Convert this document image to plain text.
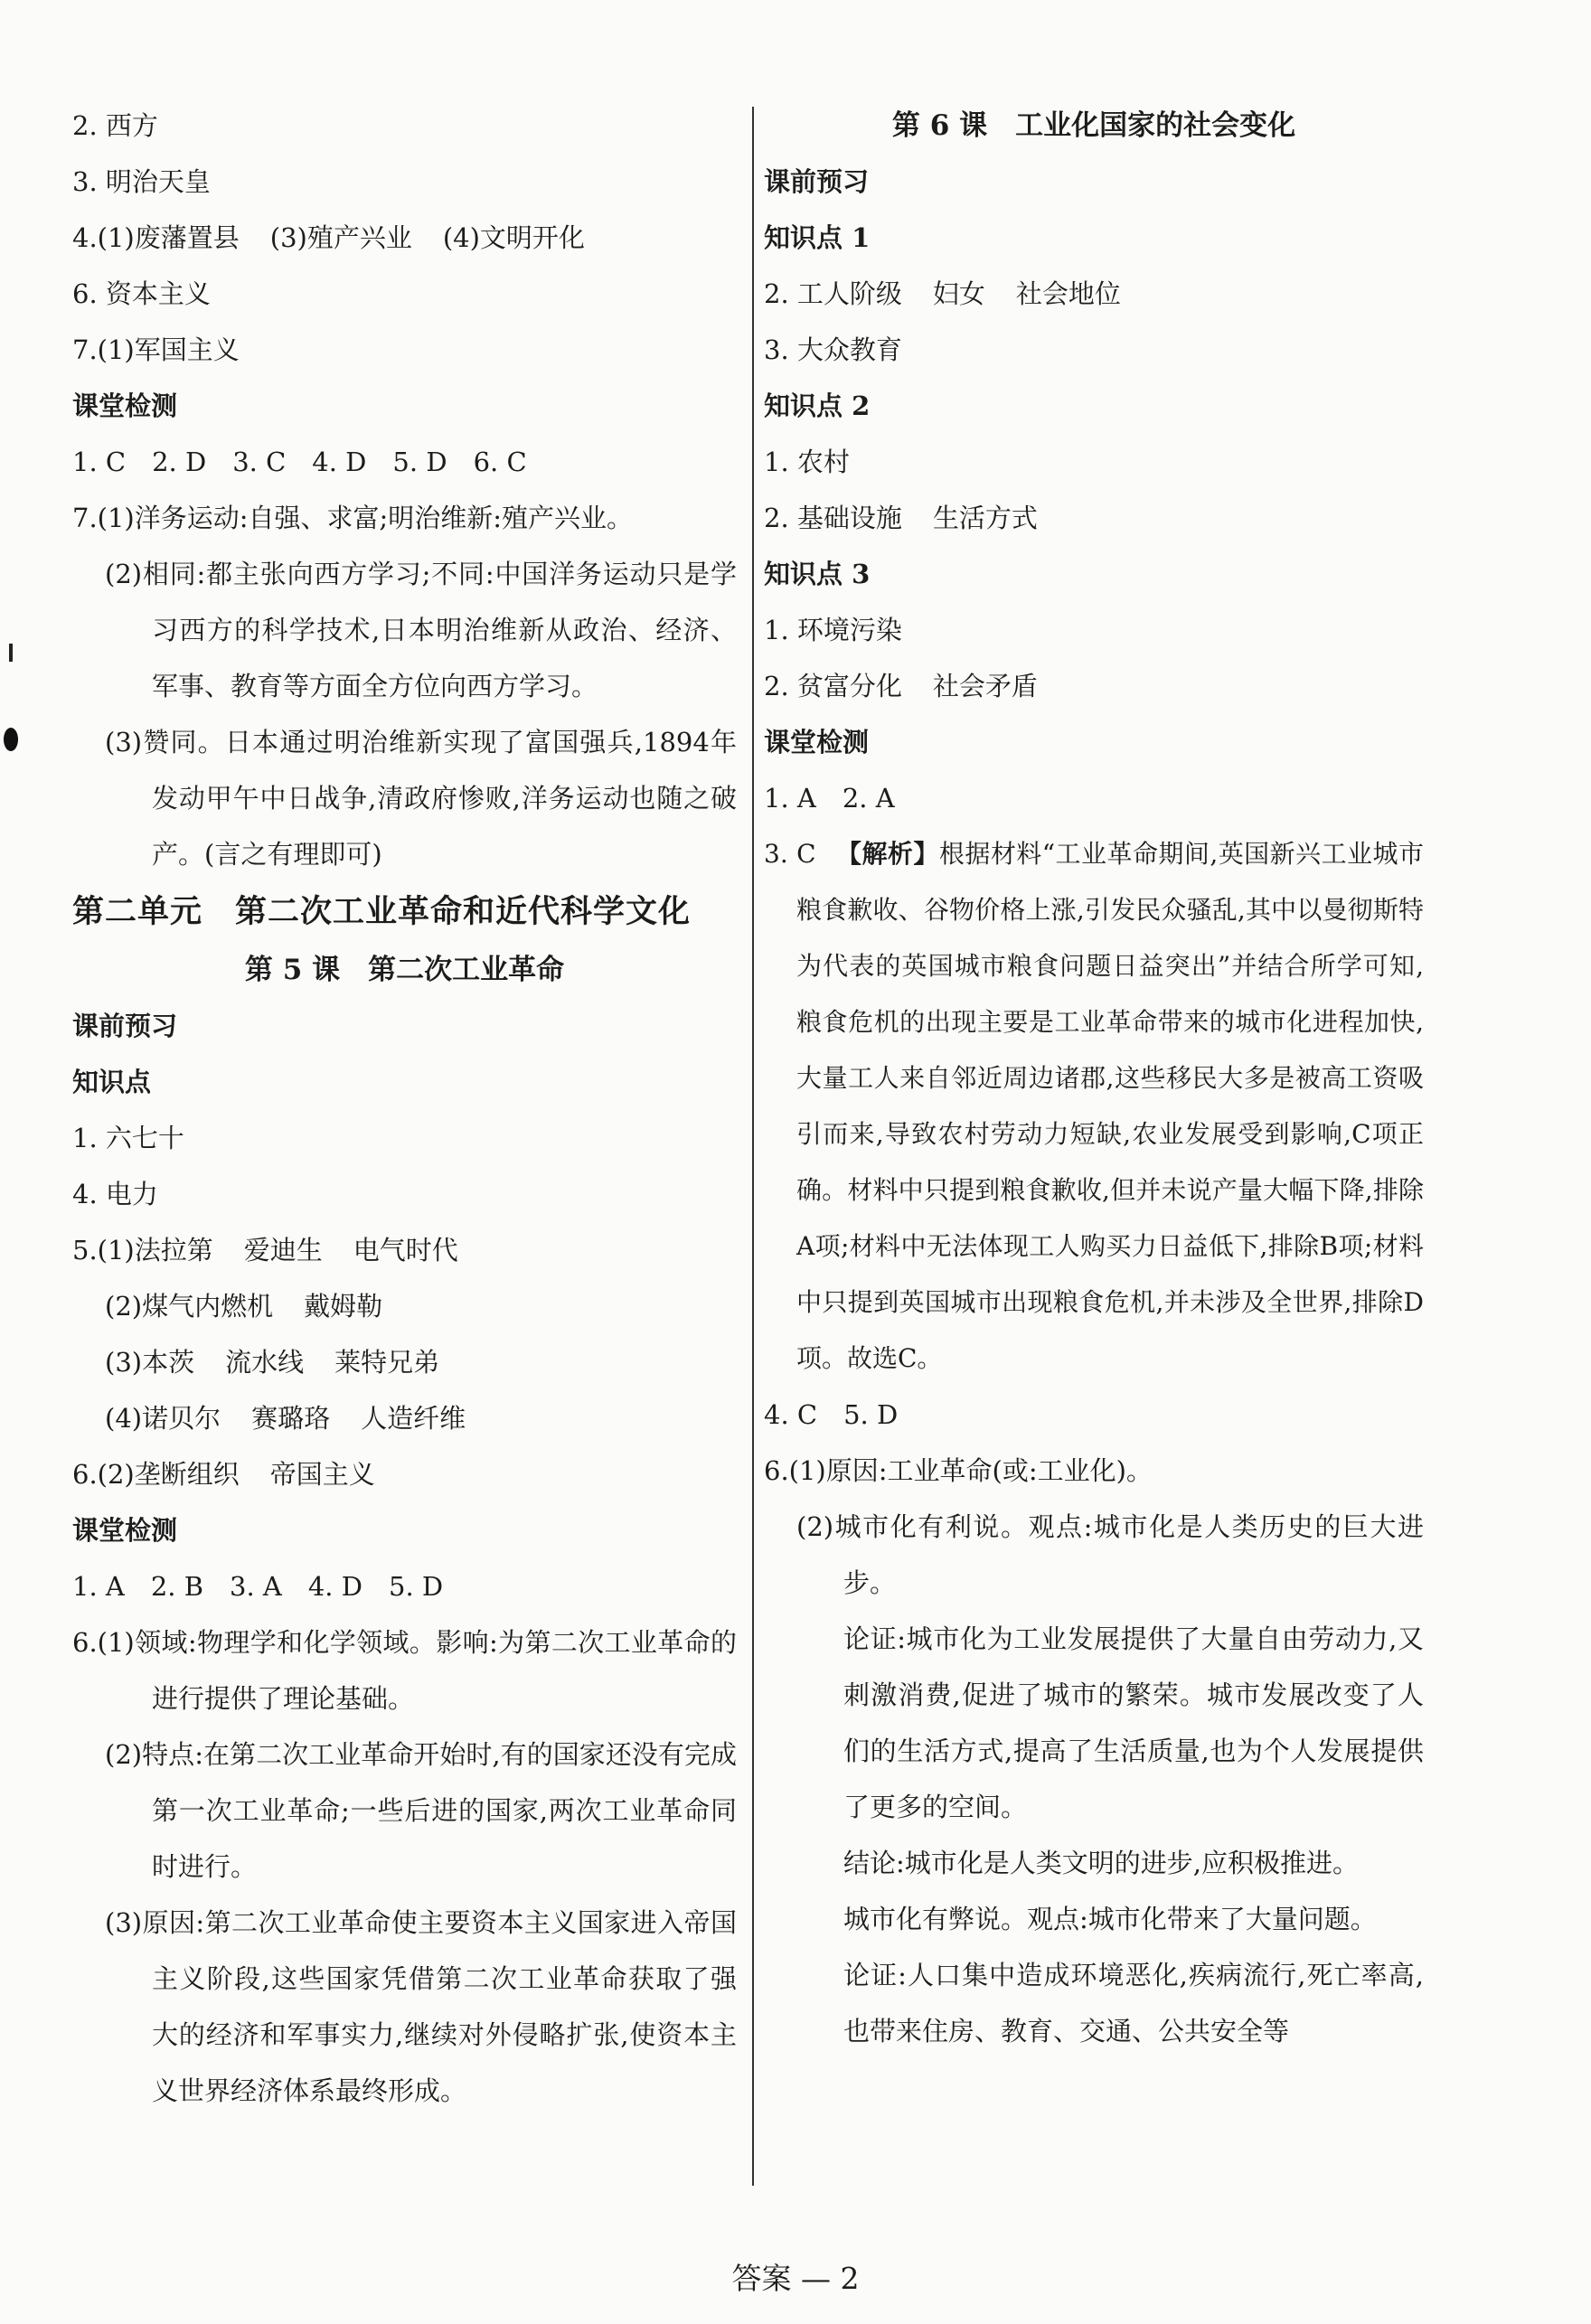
2. 西方
3. 明治天皇
4.(1)废藩置县 (3)殖产兴业 (4)文明开化
6. 资本主义
7.(1)军国主义
课堂检测
1. C　2. D　3. C　4. D　5. D　6. C
7.(1)洋务运动:自强、求富;明治维新:殖产兴业。
(2)相同:都主张向西方学习;不同:中国洋务运动只是学习西方的科学技术,日本明治维新从政治、经济、军事、教育等方面全方位向西方学习。
(3)赞同。日本通过明治维新实现了富国强兵,1894年发动甲午中日战争,清政府惨败,洋务运动也随之破产。(言之有理即可)
第二单元　第二次工业革命和近代科学文化
第 5 课　第二次工业革命
课前预习
知识点
1. 六七十
4. 电力
5.(1)法拉第 爱迪生 电气时代
(2)煤气内燃机 戴姆勒
(3)本茨 流水线 莱特兄弟
(4)诺贝尔 赛璐珞 人造纤维
6.(2)垄断组织 帝国主义
课堂检测
1. A　2. B　3. A　4. D　5. D
6.(1)领域:物理学和化学领域。影响:为第二次工业革命的进行提供了理论基础。
(2)特点:在第二次工业革命开始时,有的国家还没有完成第一次工业革命;一些后进的国家,两次工业革命同时进行。
(3)原因:第二次工业革命使主要资本主义国家进入帝国主义阶段,这些国家凭借第二次工业革命获取了强大的经济和军事实力,继续对外侵略扩张,使资本主义世界经济体系最终形成。
第 6 课　工业化国家的社会变化
课前预习
知识点 1
2. 工人阶级 妇女 社会地位
3. 大众教育
知识点 2
1. 农村
2. 基础设施 生活方式
知识点 3
1. 环境污染
2. 贫富分化 社会矛盾
课堂检测
1. A　2. A
3. C 【解析】根据材料“工业革命期间,英国新兴工业城市粮食歉收、谷物价格上涨,引发民众骚乱,其中以曼彻斯特为代表的英国城市粮食问题日益突出”并结合所学可知,粮食危机的出现主要是工业革命带来的城市化进程加快,大量工人来自邻近周边诸郡,这些移民大多是被高工资吸引而来,导致农村劳动力短缺,农业发展受到影响,C项正确。材料中只提到粮食歉收,但并未说产量大幅下降,排除A项;材料中无法体现工人购买力日益低下,排除B项;材料中只提到英国城市出现粮食危机,并未涉及全世界,排除D项。故选C。
4. C　5. D
6.(1)原因:工业革命(或:工业化)。
(2)城市化有利说。观点:城市化是人类历史的巨大进步。
论证:城市化为工业发展提供了大量自由劳动力,又刺激消费,促进了城市的繁荣。城市发展改变了人们的生活方式,提高了生活质量,也为个人发展提供了更多的空间。
结论:城市化是人类文明的进步,应积极推进。
城市化有弊说。观点:城市化带来了大量问题。
论证:人口集中造成环境恶化,疾病流行,死亡率高,也带来住房、教育、交通、公共安全等
答案 — 2
